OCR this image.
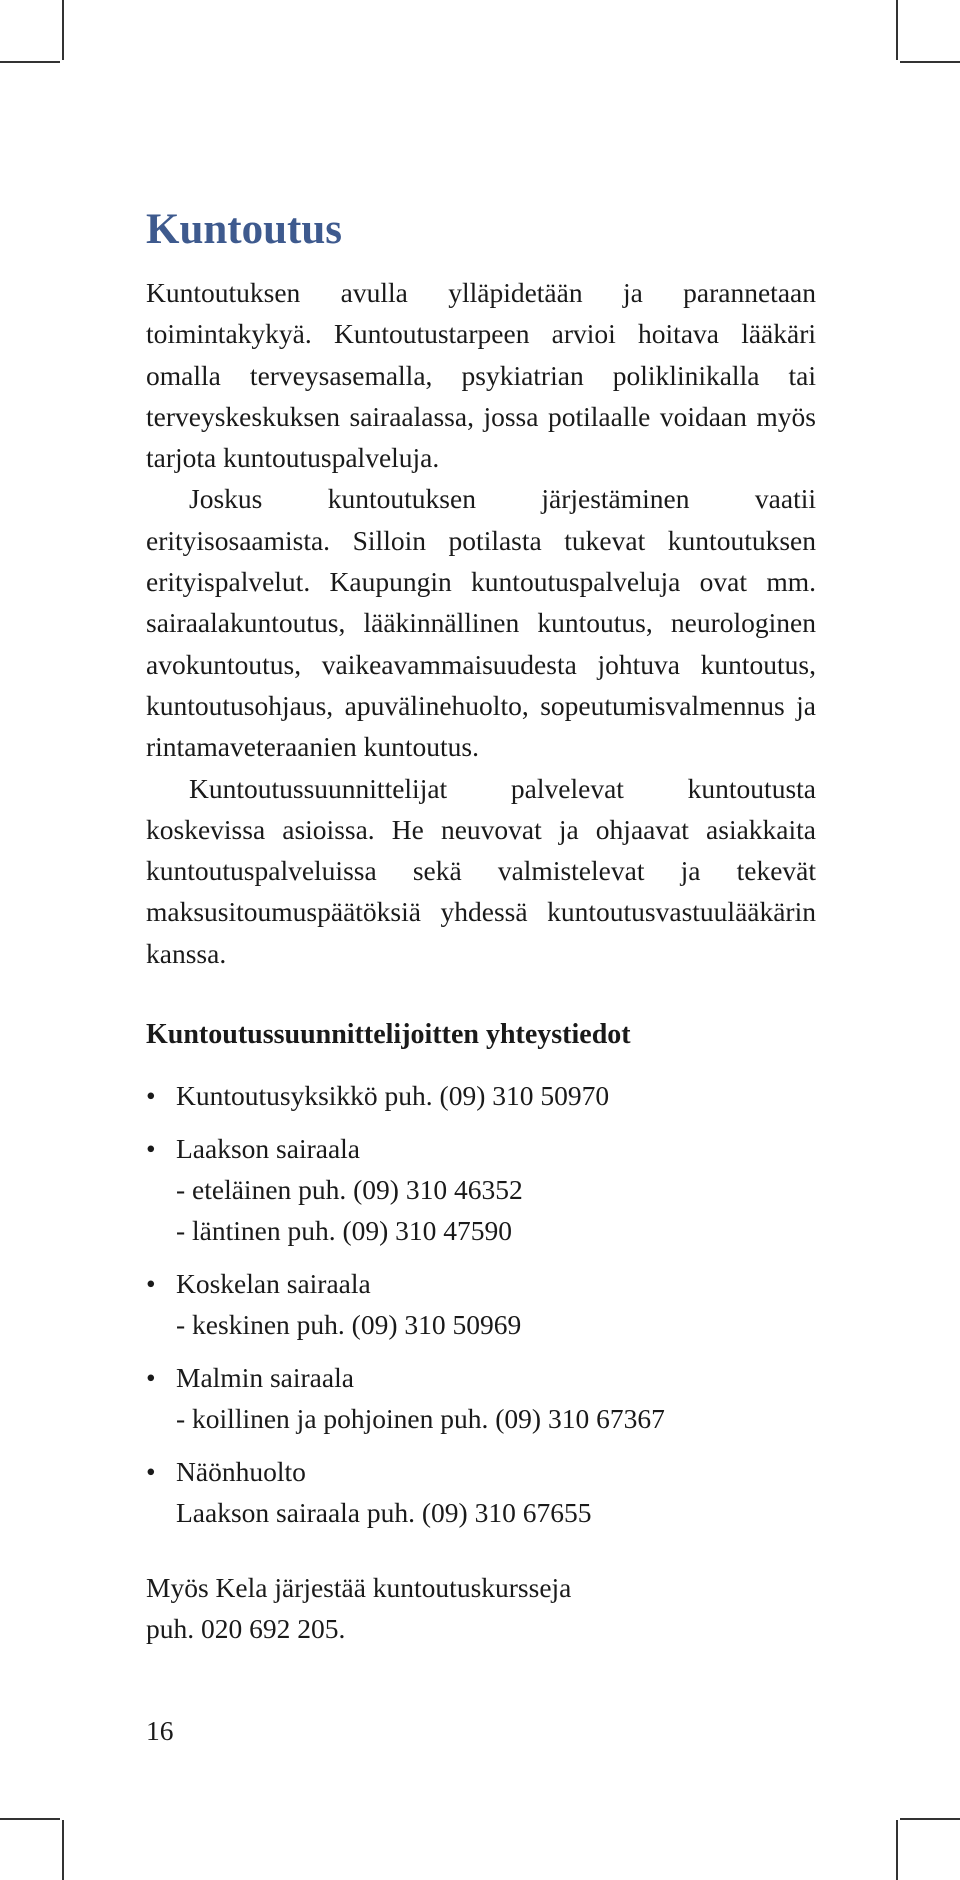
Kuntoutus

Kuntoutuksen avulla ylläpidetään ja parannetaan toimintakykyä. Kuntoutustarpeen arvioi hoitava lääkäri omalla terveysasemalla, psykiatrian poliklinikalla tai terveyskeskuksen sairaalassa, jossa potilaalle voidaan myös tarjota kuntoutuspalveluja.

Joskus kuntoutuksen järjestäminen vaatii erityisosaamista. Silloin potilasta tukevat kuntoutuksen erityispalvelut. Kaupungin kuntoutuspalveluja ovat mm. sairaalakuntoutus, lääkinnällinen kuntoutus, neurologinen avokuntoutus, vaikeavammaisuudesta johtuva kuntoutus, kuntoutusohjaus, apuvälinehuolto, sopeutumisvalmennus ja rintamaveteraanien kuntoutus.

Kuntoutussuunnittelijat palvelevat kuntoutusta koskevissa asioissa. He neuvovat ja ohjaavat asiakkaita kuntoutuspalveluissa sekä valmistelevat ja tekevät maksusitoumuspäätöksiä yhdessä kuntoutusvastuulääkärin kanssa.

Kuntoutussuunnittelijoitten yhteystiedot
• Kuntoutusyksikkö puh. (09) 310 50970
• Laakson sairaala
- eteläinen puh. (09) 310 46352
- läntinen puh. (09) 310 47590
• Koskelan sairaala
- keskinen puh. (09) 310 50969
• Malmin sairaala
- koillinen ja pohjoinen puh. (09) 310 67367
• Näönhuolto
Laakson sairaala puh. (09) 310 67655

Myös Kela järjestää kuntoutuskursseja
puh. 020 692 205.

16
